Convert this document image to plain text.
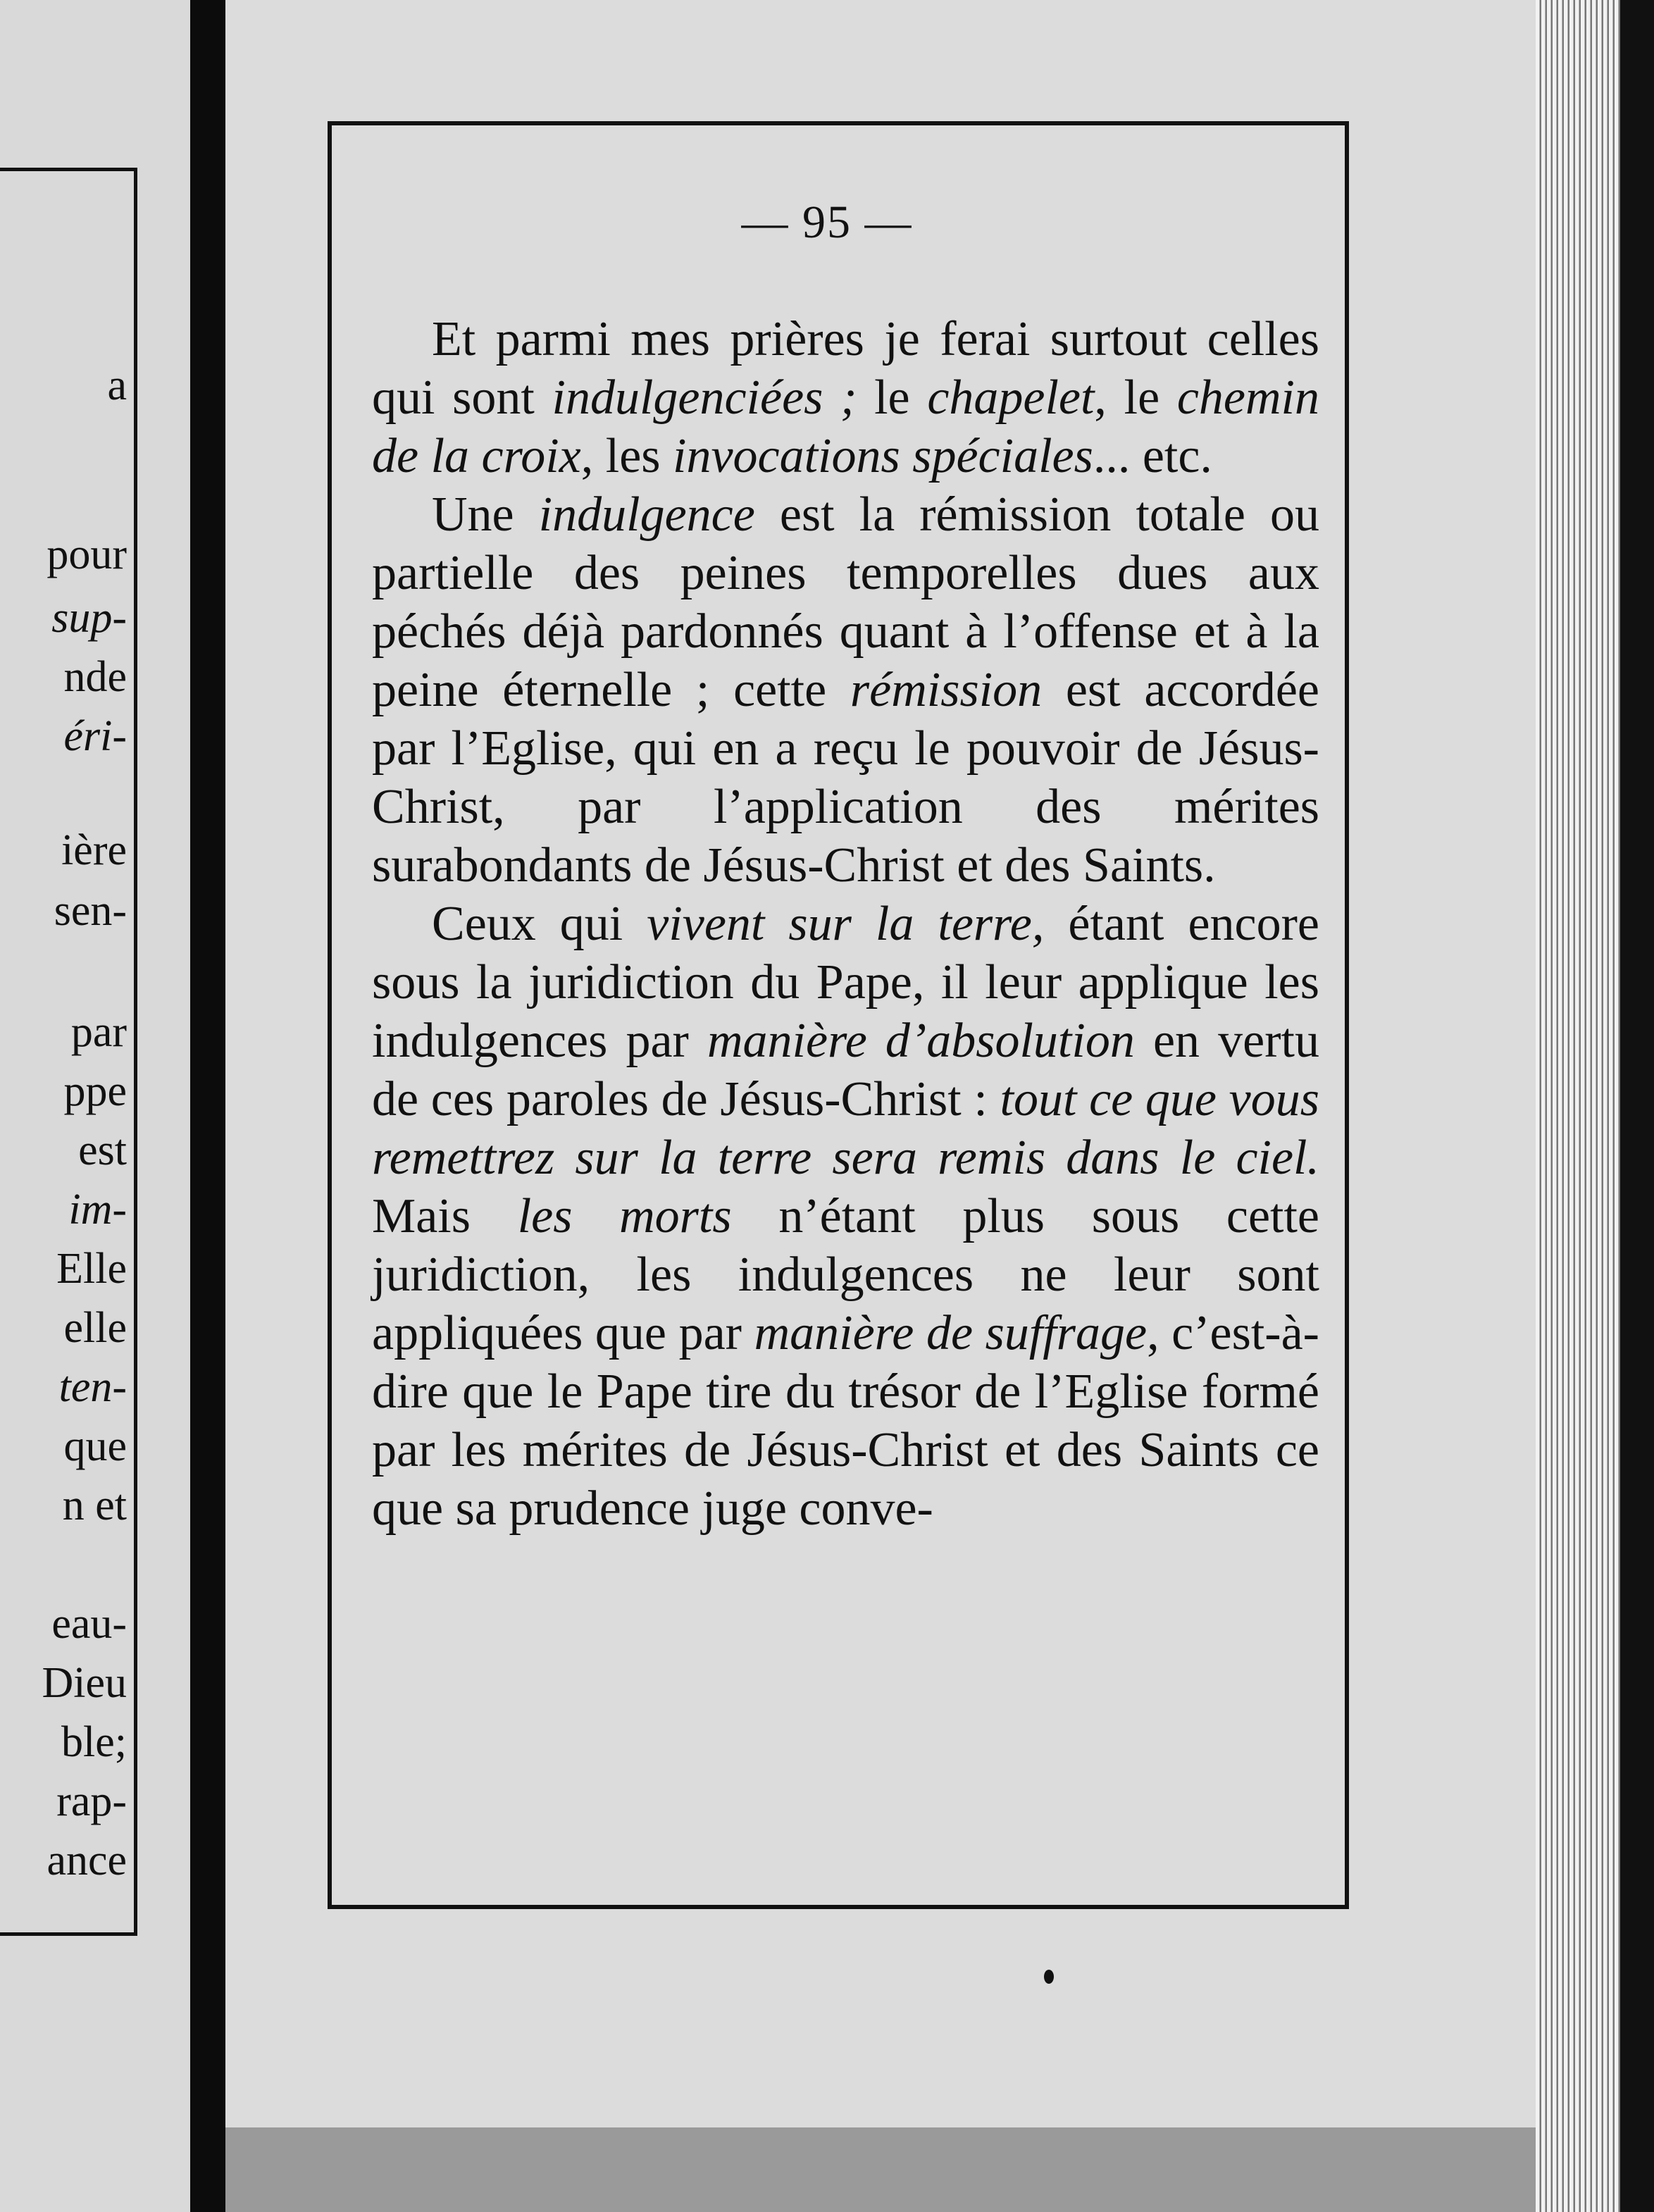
a
pour
sup-
nde
éri-
ière
sen-
par
ppe
est
im-
Elle
elle
ten-
que
n et
eau-
Dieu
ble;
rap-
ance
— 95 —

Et parmi mes prières je ferai surtout celles qui sont indulgenciées ; le chapelet, le chemin de la croix, les invocations spéciales... etc.

Une indulgence est la rémission totale ou partielle des peines temporelles dues aux péchés déjà pardonnés quant à l’offense et à la peine éternelle ; cette rémission est accordée par l’Eglise, qui en a reçu le pouvoir de Jésus-Christ, par l’application des mérites surabondants de Jésus-Christ et des Saints.

Ceux qui vivent sur la terre, étant encore sous la juridiction du Pape, il leur applique les indulgences par manière d’absolution en vertu de ces paroles de Jésus-Christ : tout ce que vous remettrez sur la terre sera remis dans le ciel. Mais les morts n’étant plus sous cette juridiction, les indulgences ne leur sont appliquées que par manière de suffrage, c’est-à-dire que le Pape tire du trésor de l’Eglise formé par les mérites de Jésus-Christ et des Saints ce que sa prudence juge conve-
